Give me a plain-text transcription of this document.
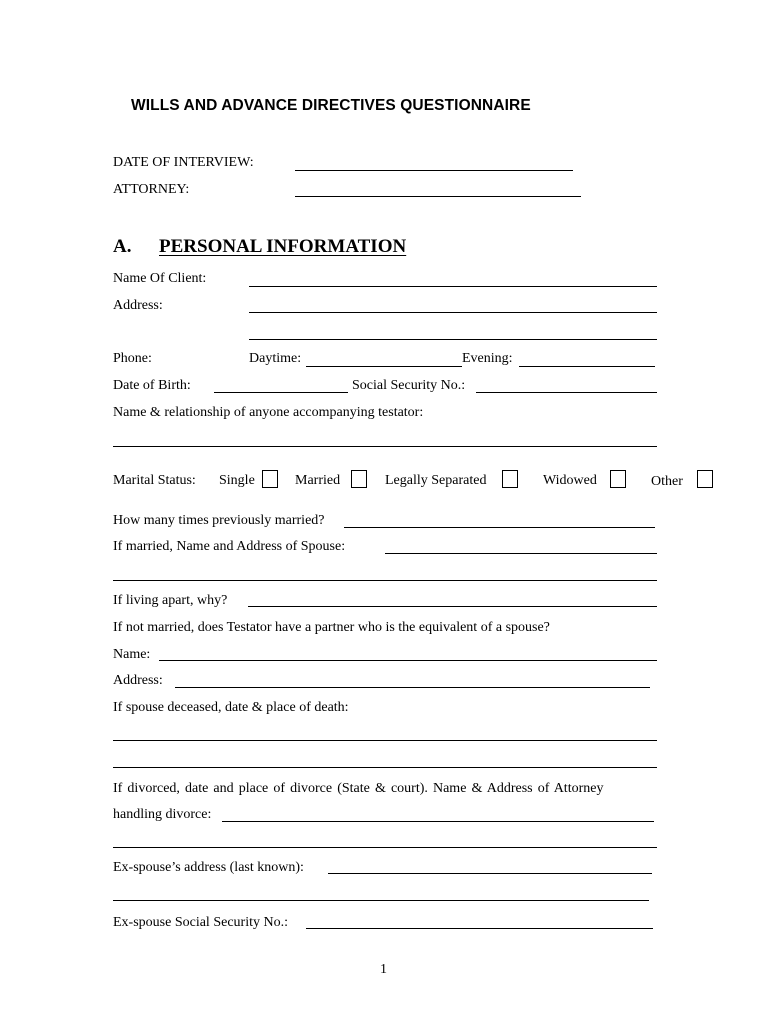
WILLS AND ADVANCE DIRECTIVES QUESTIONNAIRE
DATE OF INTERVIEW:
ATTORNEY:
A. PERSONAL INFORMATION
Name Of Client:
Address:
Phone:	Daytime:	Evening:
Date of Birth:	Social Security No.:
Name & relationship of anyone accompanying testator:
Marital Status: Single	Married	Legally Separated	Widowed	Other
How many times previously married?
If married, Name and Address of Spouse:
If living apart, why?
If not married, does Testator have a partner who is the equivalent of a spouse?
Name:
Address:
If spouse deceased, date & place of death:
If divorced, date and place of divorce (State & court). Name & Address of Attorney
handling divorce:
Ex-spouse’s address (last known):
Ex-spouse Social Security No.:
1
